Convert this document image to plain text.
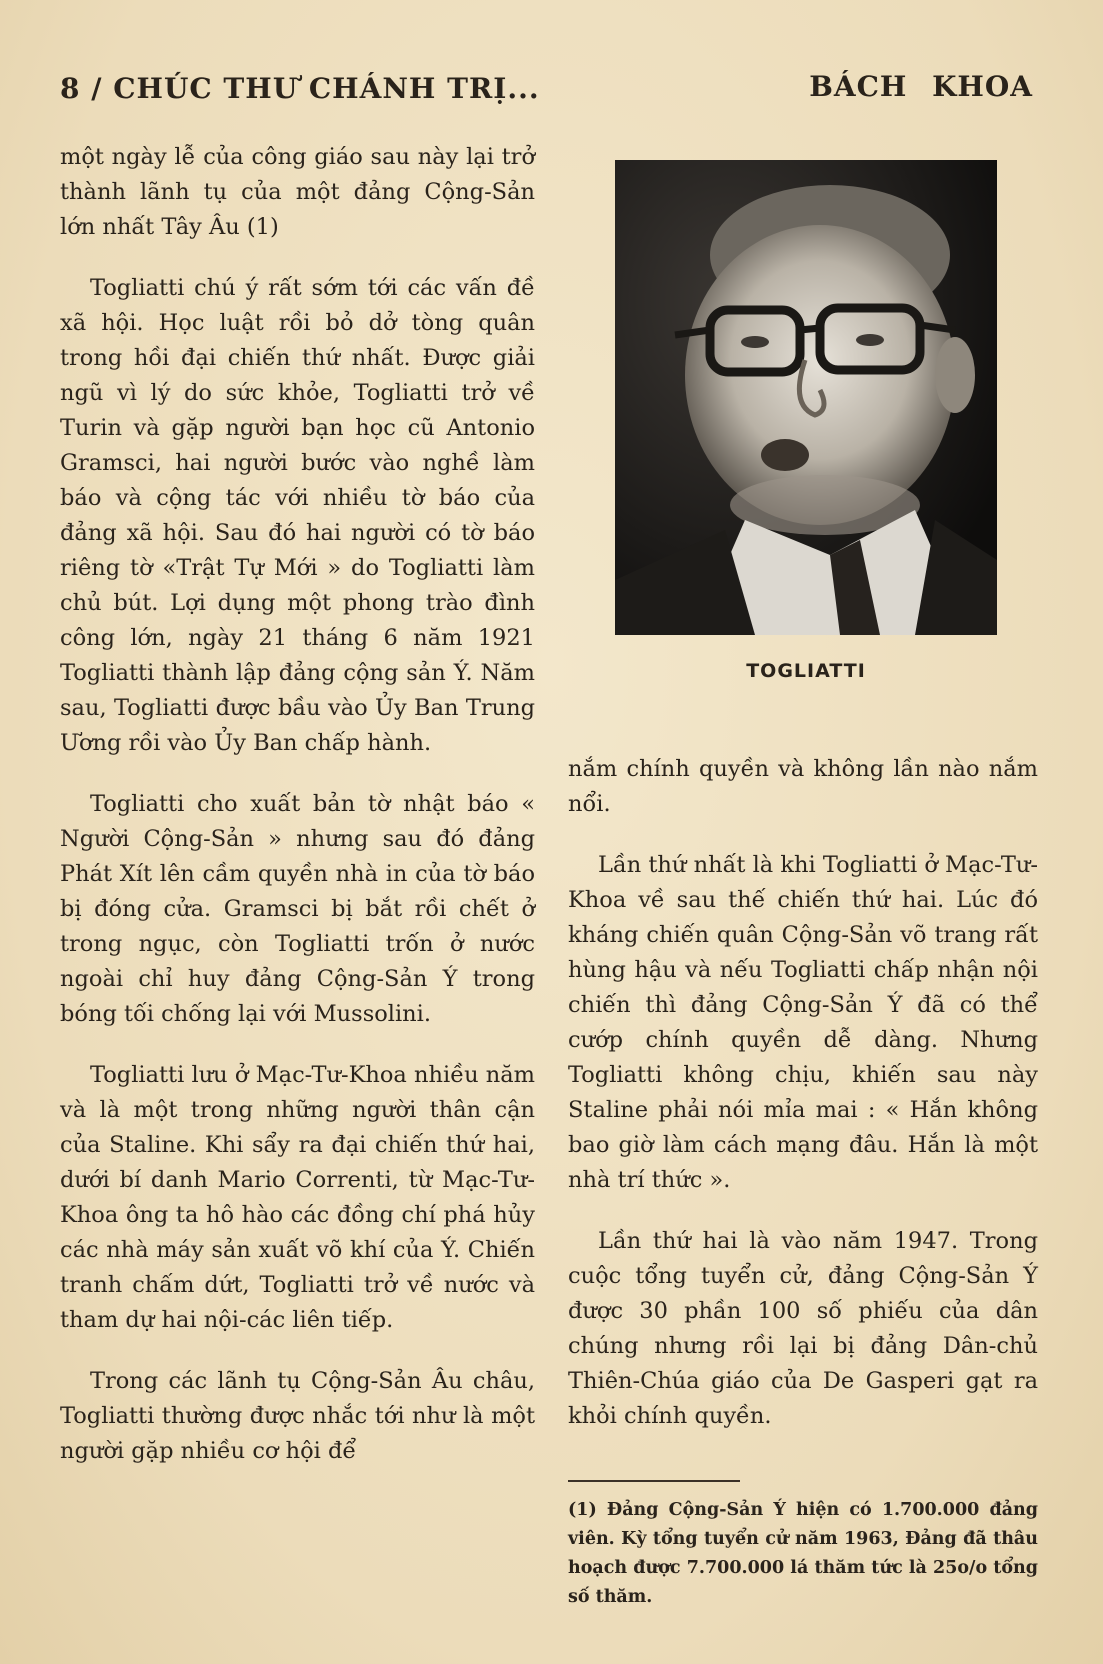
8 / CHÚC THƯ CHÁNH TRỊ...	BÁCH KHOA

một ngày lễ của công giáo sau này lại trở thành lãnh tụ của một đảng Cộng-Sản lớn nhất Tây Âu (1)

Togliatti chú ý rất sớm tới các vấn đề xã hội. Học luật rồi bỏ dở tòng quân trong hồi đại chiến thứ nhất. Được giải ngũ vì lý do sức khỏe, Togliatti trở về Turin và gặp người bạn học cũ Antonio Gramsci, hai người bước vào nghề làm báo và cộng tác với nhiều tờ báo của đảng xã hội. Sau đó hai người có tờ báo riêng tờ «Trật Tự Mới » do Togliatti làm chủ bút. Lợi dụng một phong trào đình công lớn, ngày 21 tháng 6 năm 1921 Togliatti thành lập đảng cộng sản Ý. Năm sau, Togliatti được bầu vào Ủy Ban Trung Ương rồi vào Ủy Ban chấp hành.

Togliatti cho xuất bản tờ nhật báo « Người Cộng-Sản » nhưng sau đó đảng Phát Xít lên cầm quyền nhà in của tờ báo bị đóng cửa. Gramsci bị bắt rồi chết ở trong ngục, còn Togliatti trốn ở nước ngoài chỉ huy đảng Cộng-Sản Ý trong bóng tối chống lại với Mussolini.

Togliatti lưu ở Mạc-Tư-Khoa nhiều năm và là một trong những người thân cận của Staline. Khi sẩy ra đại chiến thứ hai, dưới bí danh Mario Correnti, từ Mạc-Tư-Khoa ông ta hô hào các đồng chí phá hủy các nhà máy sản xuất võ khí của Ý. Chiến tranh chấm dứt, Togliatti trở về nước và tham dự hai nội-các liên tiếp.

Trong các lãnh tụ Cộng-Sản Âu châu, Togliatti thường được nhắc tới như là một người gặp nhiều cơ hội để

TOGLIATTI

nắm chính quyền và không lần nào nắm nổi.

Lần thứ nhất là khi Togliatti ở Mạc-Tư-Khoa về sau thế chiến thứ hai. Lúc đó kháng chiến quân Cộng-Sản võ trang rất hùng hậu và nếu Togliatti chấp nhận nội chiến thì đảng Cộng-Sản Ý đã có thể cướp chính quyền dễ dàng. Nhưng Togliatti không chịu, khiến sau này Staline phải nói mỉa mai : « Hắn không bao giờ làm cách mạng đâu. Hắn là một nhà trí thức ».

Lần thứ hai là vào năm 1947. Trong cuộc tổng tuyển cử, đảng Cộng-Sản Ý được 30 phần 100 số phiếu của dân chúng nhưng rồi lại bị đảng Dân-chủ Thiên-Chúa giáo của De Gasperi gạt ra khỏi chính quyền.

(1) Đảng Cộng-Sản Ý hiện có 1.700.000 đảng viên. Kỳ tổng tuyển cử năm 1963, Đảng đã thâu hoạch được 7.700.000 lá thăm tức là 25o/o tổng số thăm.
